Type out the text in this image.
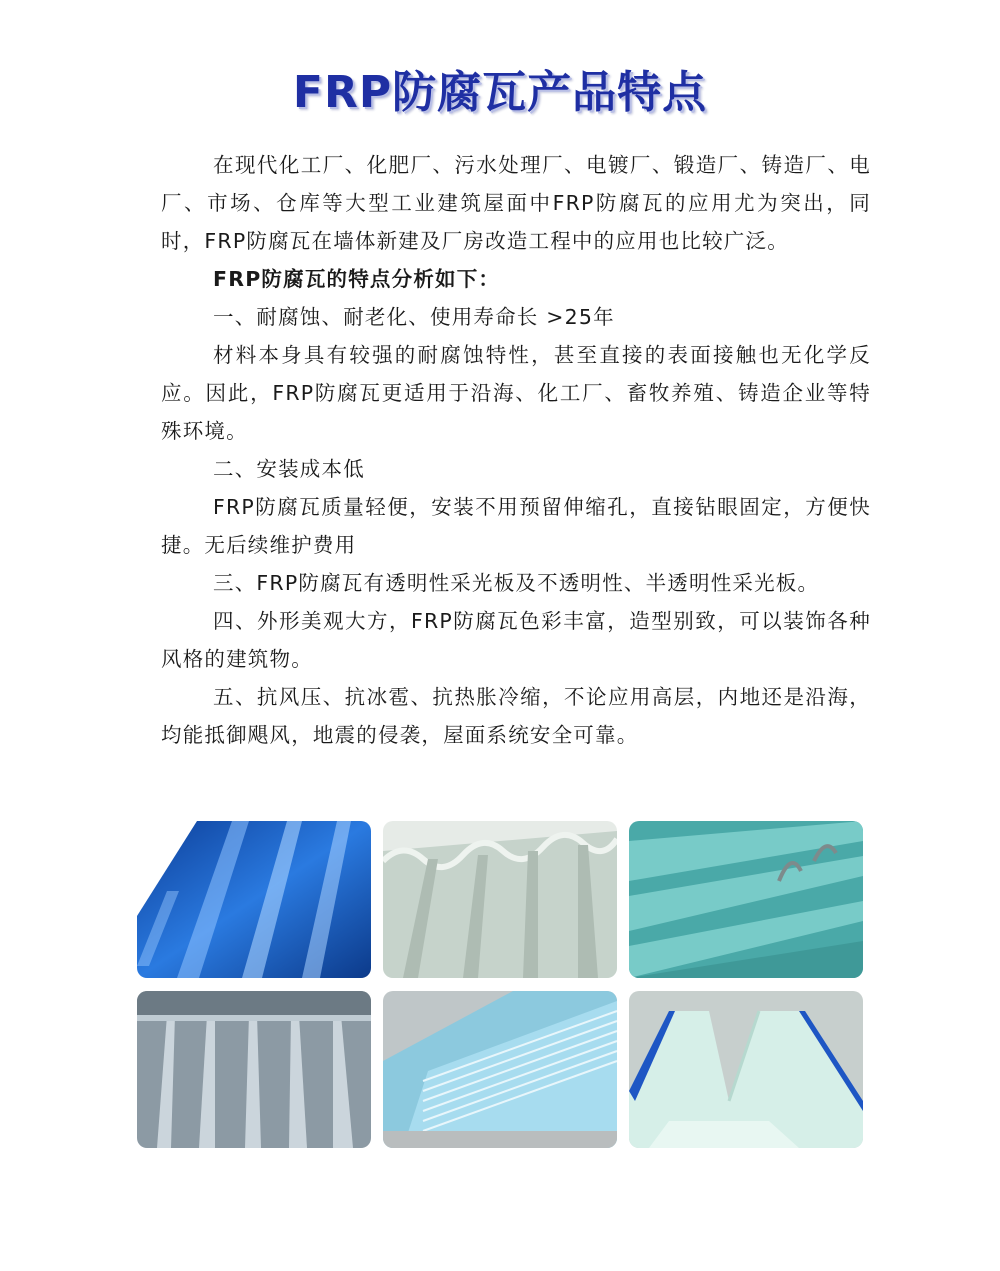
FRP防腐瓦产品特点

在现代化工厂、化肥厂、污水处理厂、电镀厂、锻造厂、铸造厂、电厂、市场、仓库等大型工业建筑屋面中FRP防腐瓦的应用尤为突出，同时，FRP防腐瓦在墙体新建及厂房改造工程中的应用也比较广泛。

FRP防腐瓦的特点分析如下：

一、耐腐蚀、耐老化、使用寿命长 >25年

材料本身具有较强的耐腐蚀特性，甚至直接的表面接触也无化学反应。因此，FRP防腐瓦更适用于沿海、化工厂、畜牧养殖、铸造企业等特殊环境。

二、安装成本低

FRP防腐瓦质量轻便，安装不用预留伸缩孔，直接钻眼固定，方便快捷。无后续维护费用

三、FRP防腐瓦有透明性采光板及不透明性、半透明性采光板。

四、外形美观大方，FRP防腐瓦色彩丰富，造型别致，可以装饰各种风格的建筑物。

五、抗风压、抗冰雹、抗热胀冷缩，不论应用高层，内地还是沿海，均能抵御飓风，地震的侵袭，屋面系统安全可靠。
